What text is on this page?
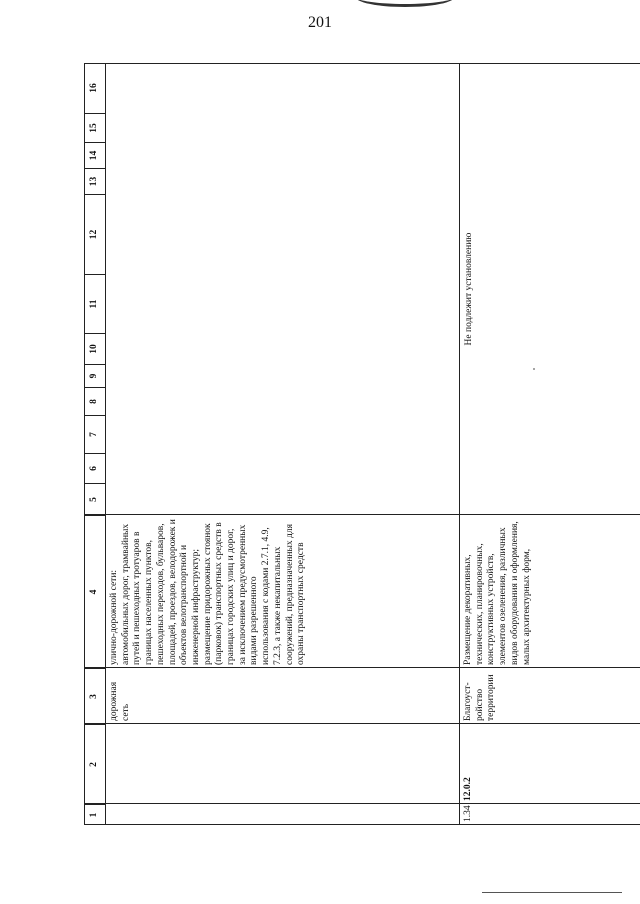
201
1
2
3
4
5
6
7
8
9
10
11
12
13
14
15
16
дорожная сеть
улично-дорожной сети: автомобильных дорог, трамвайных путей и пешеходных тротуаров в границах населенных пунктов, пешеходных переходов, бульваров, площадей, проездов, велодорожек и объектов велотранспортной и инженерной инфраструктур; размещение придорожных стоянок (парковок) транспортных средств в границах городских улиц и дорог, за исключением предусмотренных видами разрешенного использования с кодами 2.7.1, 4.9, 7.2.3, а также некапитальных сооружений, предназначенных для охраны транспортных средств
1.34
12.0.2
Благоуст-ройство территории
Размещение декоративных, технических, планировочных, конструктивных устройств, элементов озеленения, различных видов оборудования и оформления, малых архитектурных форм,
Не подлежит установлению
